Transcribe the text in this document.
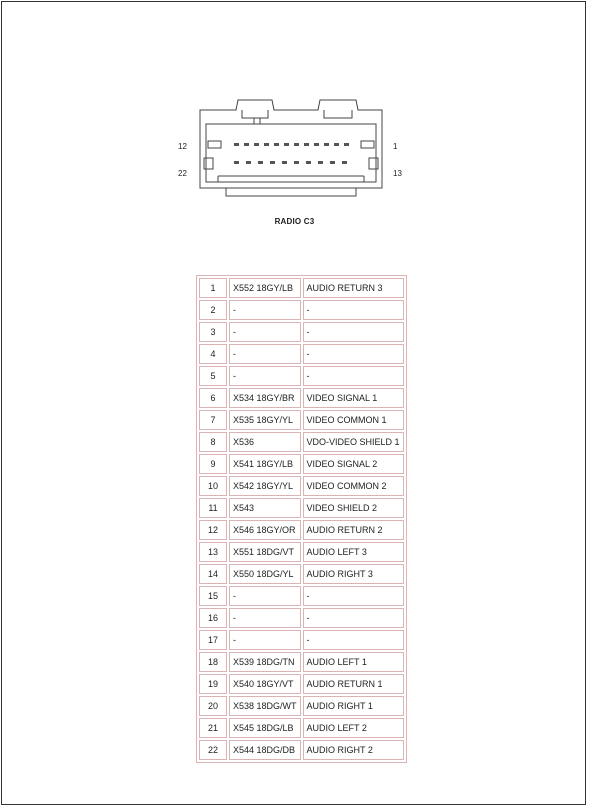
12	1
22	13
RADIO C3
1	X552 18GY/LB	AUDIO RETURN 3
2	-	-
3	-	-
4	-	-
5	-	-
6	X534 18GY/BR	VIDEO SIGNAL 1
7	X535 18GY/YL	VIDEO COMMON 1
8	X536	VDO-VIDEO SHIELD 1
9	X541 18GY/LB	VIDEO SIGNAL 2
10	X542 18GY/YL	VIDEO COMMON 2
11	X543	VIDEO SHIELD 2
12	X546 18GY/OR	AUDIO RETURN 2
13	X551 18DG/VT	AUDIO LEFT 3
14	X550 18DG/YL	AUDIO RIGHT 3
15	-	-
16	-	-
17	-	-
18	X539 18DG/TN	AUDIO LEFT 1
19	X540 18GY/VT	AUDIO RETURN 1
20	X538 18DG/WT	AUDIO RIGHT 1
21	X545 18DG/LB	AUDIO LEFT 2
22	X544 18DG/DB	AUDIO RIGHT 2
